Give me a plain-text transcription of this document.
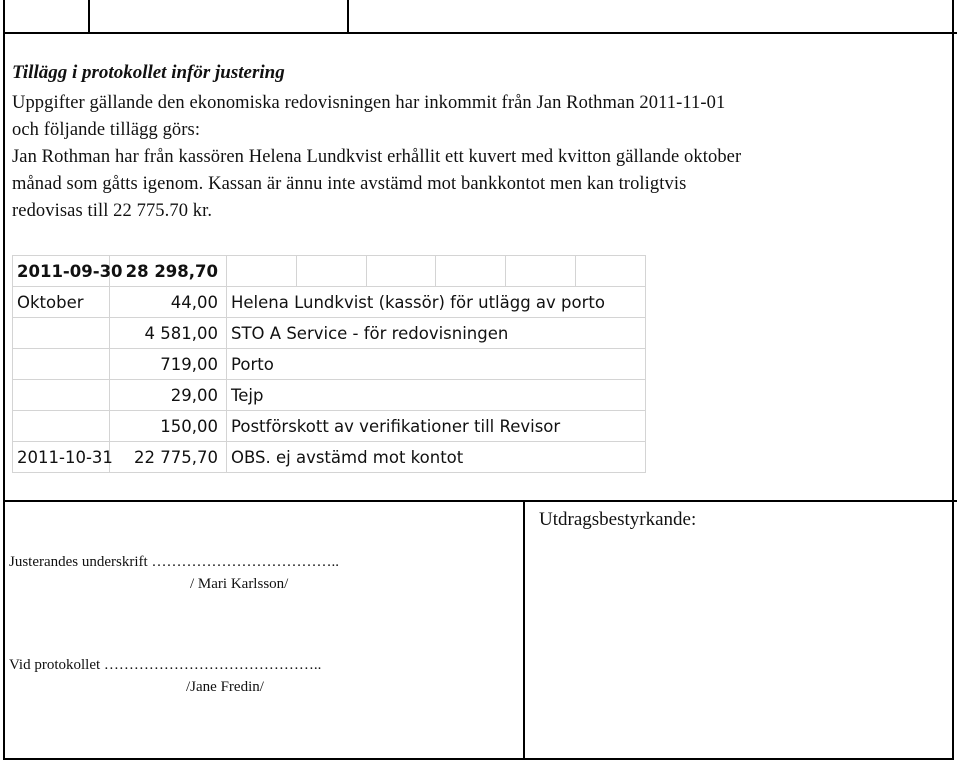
Tillägg i protokollet inför justering

Uppgifter gällande den ekonomiska redovisningen har inkommit från Jan Rothman 2011-11-01

och följande tillägg görs:

Jan Rothman har från kassören Helena Lundkvist erhållit ett kuvert med kvitton gällande oktober

månad som gåtts igenom. Kassan är ännu inte avstämd mot bankkontot men kan troligtvis

redovisas till 22 775.70 kr.

2011-09-30	28 298,70						
Oktober	44,00	Helena Lundkvist (kassör) för utlägg av porto					
	4 581,00	STO A Service - för redovisningen					
	719,00	Porto					
	29,00	Tejp					
	150,00	Postförskott av verifikationer till Revisor					
2011-10-31	22 775,70	OBS. ej avstämd mot kontot					
Utdragsbestyrkande:
Justerandes underskrift ………………………………..
/ Mari Karlsson/
Vid protokollet ……………………………………..
/Jane Fredin/
